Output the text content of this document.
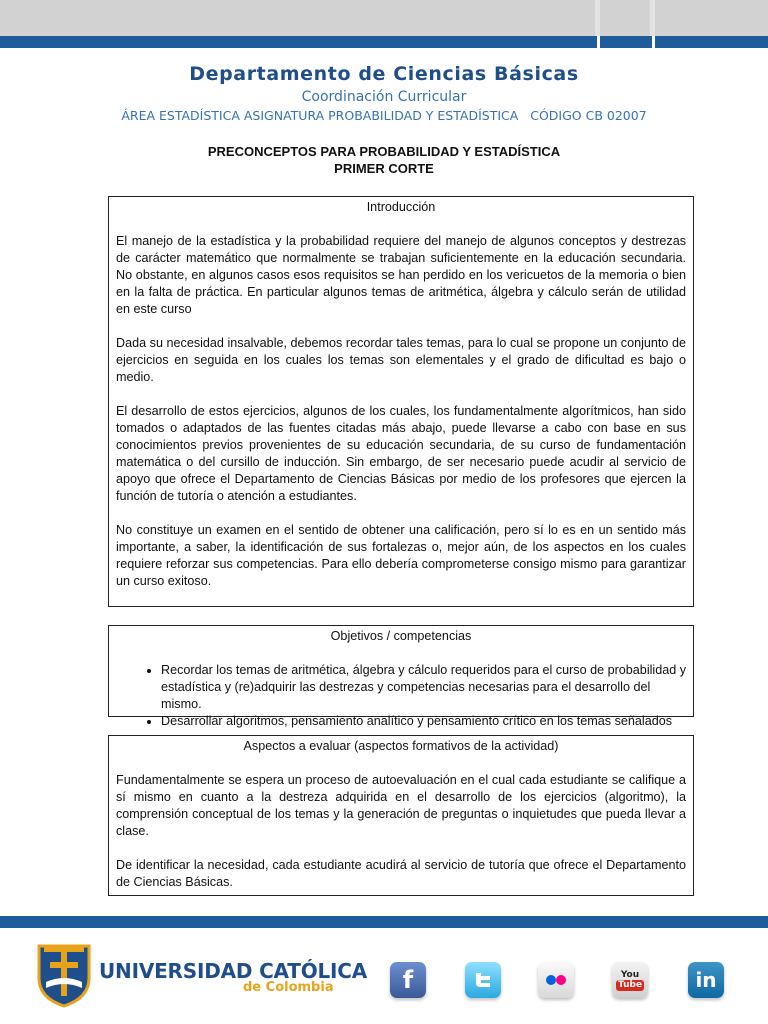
Departamento de Ciencias Básicas
Coordinación Curricular
ÁREA ESTADÍSTICA ASIGNATURA PROBABILIDAD Y ESTADÍSTICA   CÓDIGO CB 02007
PRECONCEPTOS PARA PROBABILIDAD Y ESTADÍSTICA
PRIMER CORTE
Introducción

El manejo de la estadística y la probabilidad requiere del manejo de algunos conceptos y destrezas de carácter matemático que normalmente se trabajan suficientemente en la educación secundaria. No obstante, en algunos casos esos requisitos se han perdido en los vericuetos de la memoria o bien en la falta de práctica. En particular algunos temas de aritmética, álgebra y cálculo serán de utilidad en este curso

Dada su necesidad insalvable, debemos recordar tales temas, para lo cual se propone un conjunto de ejercicios en seguida en los cuales los temas son elementales y el grado de dificultad es bajo o medio.

El desarrollo de estos ejercicios, algunos de los cuales, los fundamentalmente algorítmicos, han sido tomados o adaptados de las fuentes citadas más abajo, puede llevarse a cabo con base en sus conocimientos previos provenientes de su educación secundaria, de su curso de fundamentación matemática o del cursillo de inducción. Sin embargo, de ser necesario puede acudir al servicio de apoyo que ofrece el Departamento de Ciencias Básicas por medio de los profesores que ejercen la función de tutoría o atención a estudiantes.

No constituye un examen en el sentido de obtener una calificación, pero sí lo es en un sentido más importante, a saber, la identificación de sus fortalezas o, mejor aún, de los aspectos en los cuales requiere reforzar sus competencias. Para ello debería comprometerse consigo mismo para garantizar un curso exitoso.

Objetivos / competencias
• Recordar los temas de aritmética, álgebra y cálculo requeridos para el curso de probabilidad y estadística y (re)adquirir las destrezas y competencias necesarias para el desarrollo del mismo.
• Desarrollar algoritmos, pensamiento analítico y pensamiento crítico en los temas señalados
Aspectos a evaluar (aspectos formativos de la actividad)

Fundamentalmente se espera un proceso de autoevaluación en el cual cada estudiante se califique a sí mismo en cuanto a la destreza adquirida en el desarrollo de los ejercicios (algoritmo), la comprensión conceptual de los temas y la generación de preguntas o inquietudes que pueda llevar a clase.

De identificar la necesidad, cada estudiante acudirá al servicio de tutoría que ofrece el Departamento de Ciencias Básicas.

UNIVERSIDAD CATÓLICA
de Colombia	f	You
Tube	in
